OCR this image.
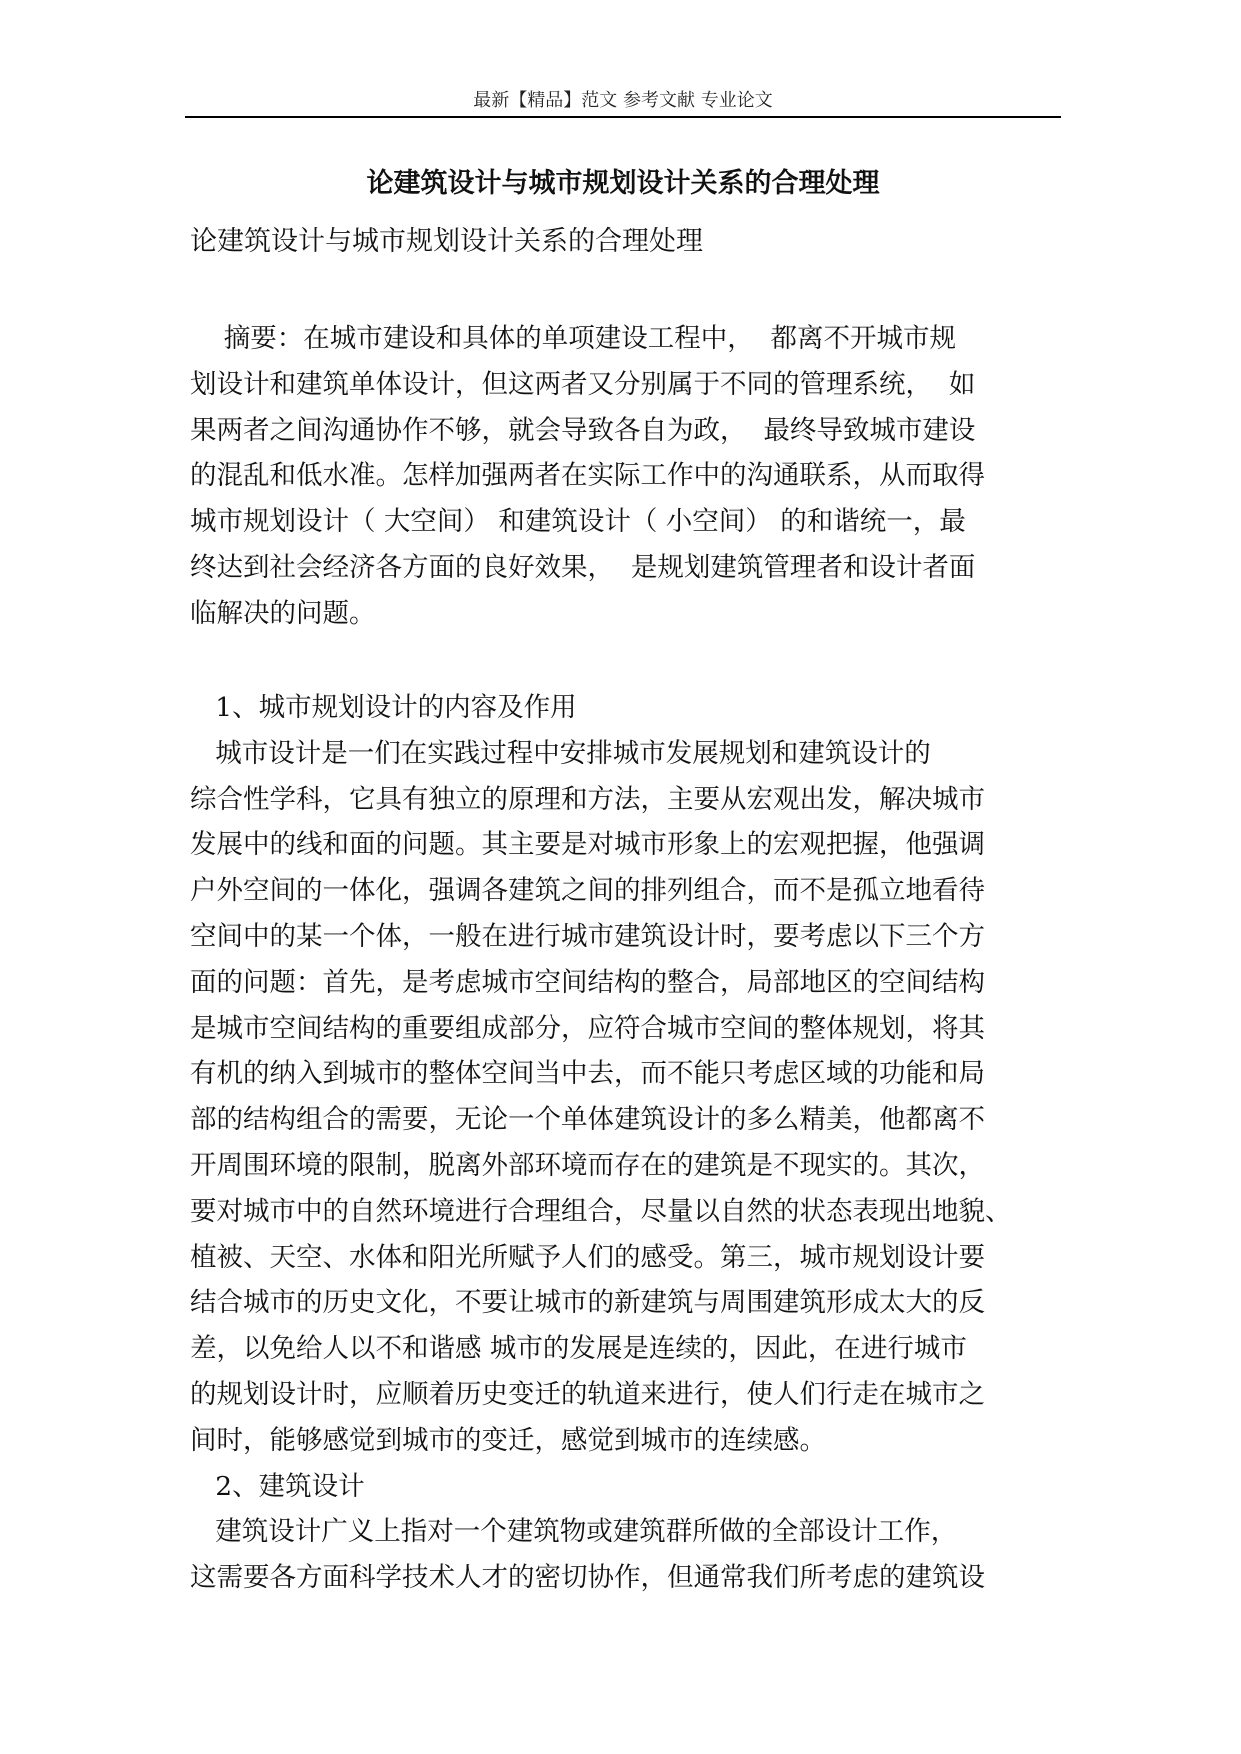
最新【精品】范文 参考文献 专业论文
论建筑设计与城市规划设计关系的合理处理
论建筑设计与城市规划设计关系的合理处理
摘要：在城市建设和具体的单项建设工程中，  都离不开城市规
划设计和建筑单体设计，但这两者又分别属于不同的管理系统，  如
果两者之间沟通协作不够，就会导致各自为政，  最终导致城市建设
的混乱和低水准。怎样加强两者在实际工作中的沟通联系，从而取得
城市规划设计（ 大空间） 和建筑设计（ 小空间） 的和谐统一，最
终达到社会经济各方面的良好效果，  是规划建筑管理者和设计者面
临解决的问题。
1、城市规划设计的内容及作用
城市设计是一们在实践过程中安排城市发展规划和建筑设计的
综合性学科，它具有独立的原理和方法，主要从宏观出发，解决城市
发展中的线和面的问题。其主要是对城市形象上的宏观把握，他强调
户外空间的一体化，强调各建筑之间的排列组合，而不是孤立地看待
空间中的某一个体，一般在进行城市建筑设计时，要考虑以下三个方
面的问题：首先，是考虑城市空间结构的整合，局部地区的空间结构
是城市空间结构的重要组成部分，应符合城市空间的整体规划，将其
有机的纳入到城市的整体空间当中去，而不能只考虑区域的功能和局
部的结构组合的需要，无论一个单体建筑设计的多么精美，他都离不
开周围环境的限制，脱离外部环境而存在的建筑是不现实的。其次，
要对城市中的自然环境进行合理组合，尽量以自然的状态表现出地貌、
植被、天空、水体和阳光所赋予人们的感受。第三，城市规划设计要
结合城市的历史文化，不要让城市的新建筑与周围建筑形成太大的反
差，以免给人以不和谐感 城市的发展是连续的，因此，在进行城市
的规划设计时，应顺着历史变迁的轨道来进行，使人们行走在城市之
间时，能够感觉到城市的变迁，感觉到城市的连续感。
2、建筑设计
建筑设计广义上指对一个建筑物或建筑群所做的全部设计工作，
这需要各方面科学技术人才的密切协作，但通常我们所考虑的建筑设
